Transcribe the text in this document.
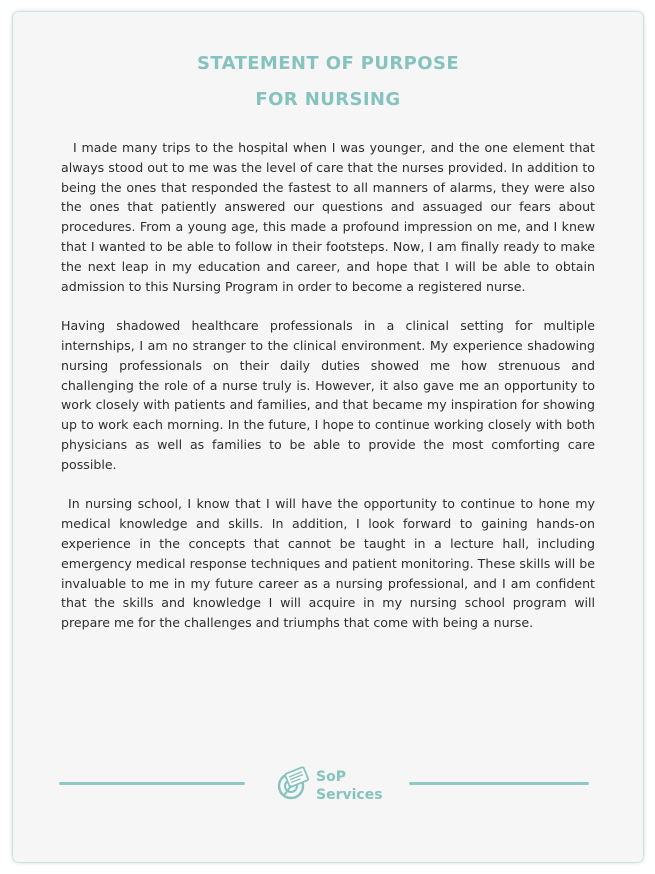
STATEMENT OF PURPOSE
FOR NURSING

I made many trips to the hospital when I was younger, and the one element that always stood out to me was the level of care that the nurses provided. In addition to being the ones that responded the fastest to all manners of alarms, they were also the ones that patiently answered our questions and assuaged our fears about procedures. From a young age, this made a profound impression on me, and I knew that I wanted to be able to follow in their footsteps. Now, I am finally ready to make the next leap in my education and career, and hope that I will be able to obtain admission to this Nursing Program in order to become a registered nurse.

Having shadowed healthcare professionals in a clinical setting for multiple internships, I am no stranger to the clinical environment. My experience shadowing nursing professionals on their daily duties showed me how strenuous and challenging the role of a nurse truly is. However, it also gave me an opportunity to work closely with patients and families, and that became my inspiration for showing up to work each morning. In the future, I hope to continue working closely with both physicians as well as families to be able to provide the most comforting care possible.

In nursing school, I know that I will have the opportunity to continue to hone my medical knowledge and skills. In addition, I look forward to gaining hands-on experience in the concepts that cannot be taught in a lecture hall, including emergency medical response techniques and patient monitoring. These skills will be invaluable to me in my future career as a nursing professional, and I am confident that the skills and knowledge I will acquire in my nursing school program will prepare me for the challenges and triumphs that come with being a nurse.

SoP
Services
